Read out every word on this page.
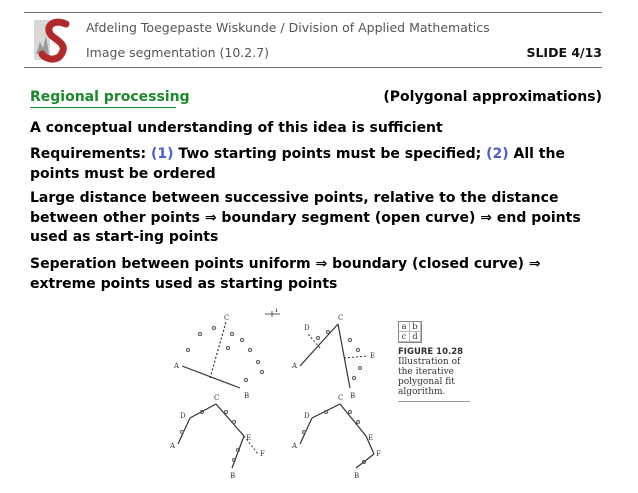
Afdeling Toegepaste Wiskunde / Division of Applied Mathematics
Image segmentation (10.2.7)	SLIDE 4/13
Regional processing	(Polygonal approximations)
A conceptual understanding of this idea is sufficient
Requirements: (1) Two starting points must be specified; (2) All the points must be ordered
Large distance between successive points, relative to the distance between other points ⇒ boundary segment (open curve) ⇒ end points used as start-ing points
Seperation between points uniform ⇒ boundary (closed curve) ⇒ extreme points used as starting points
A
C
B
T
A
D
C
E
B
A
D
C
E
F
B
A
D
C
E
F
B
a b
c d
FIGURE 10.28
Illustration of the iterative polygonal fit algorithm.
